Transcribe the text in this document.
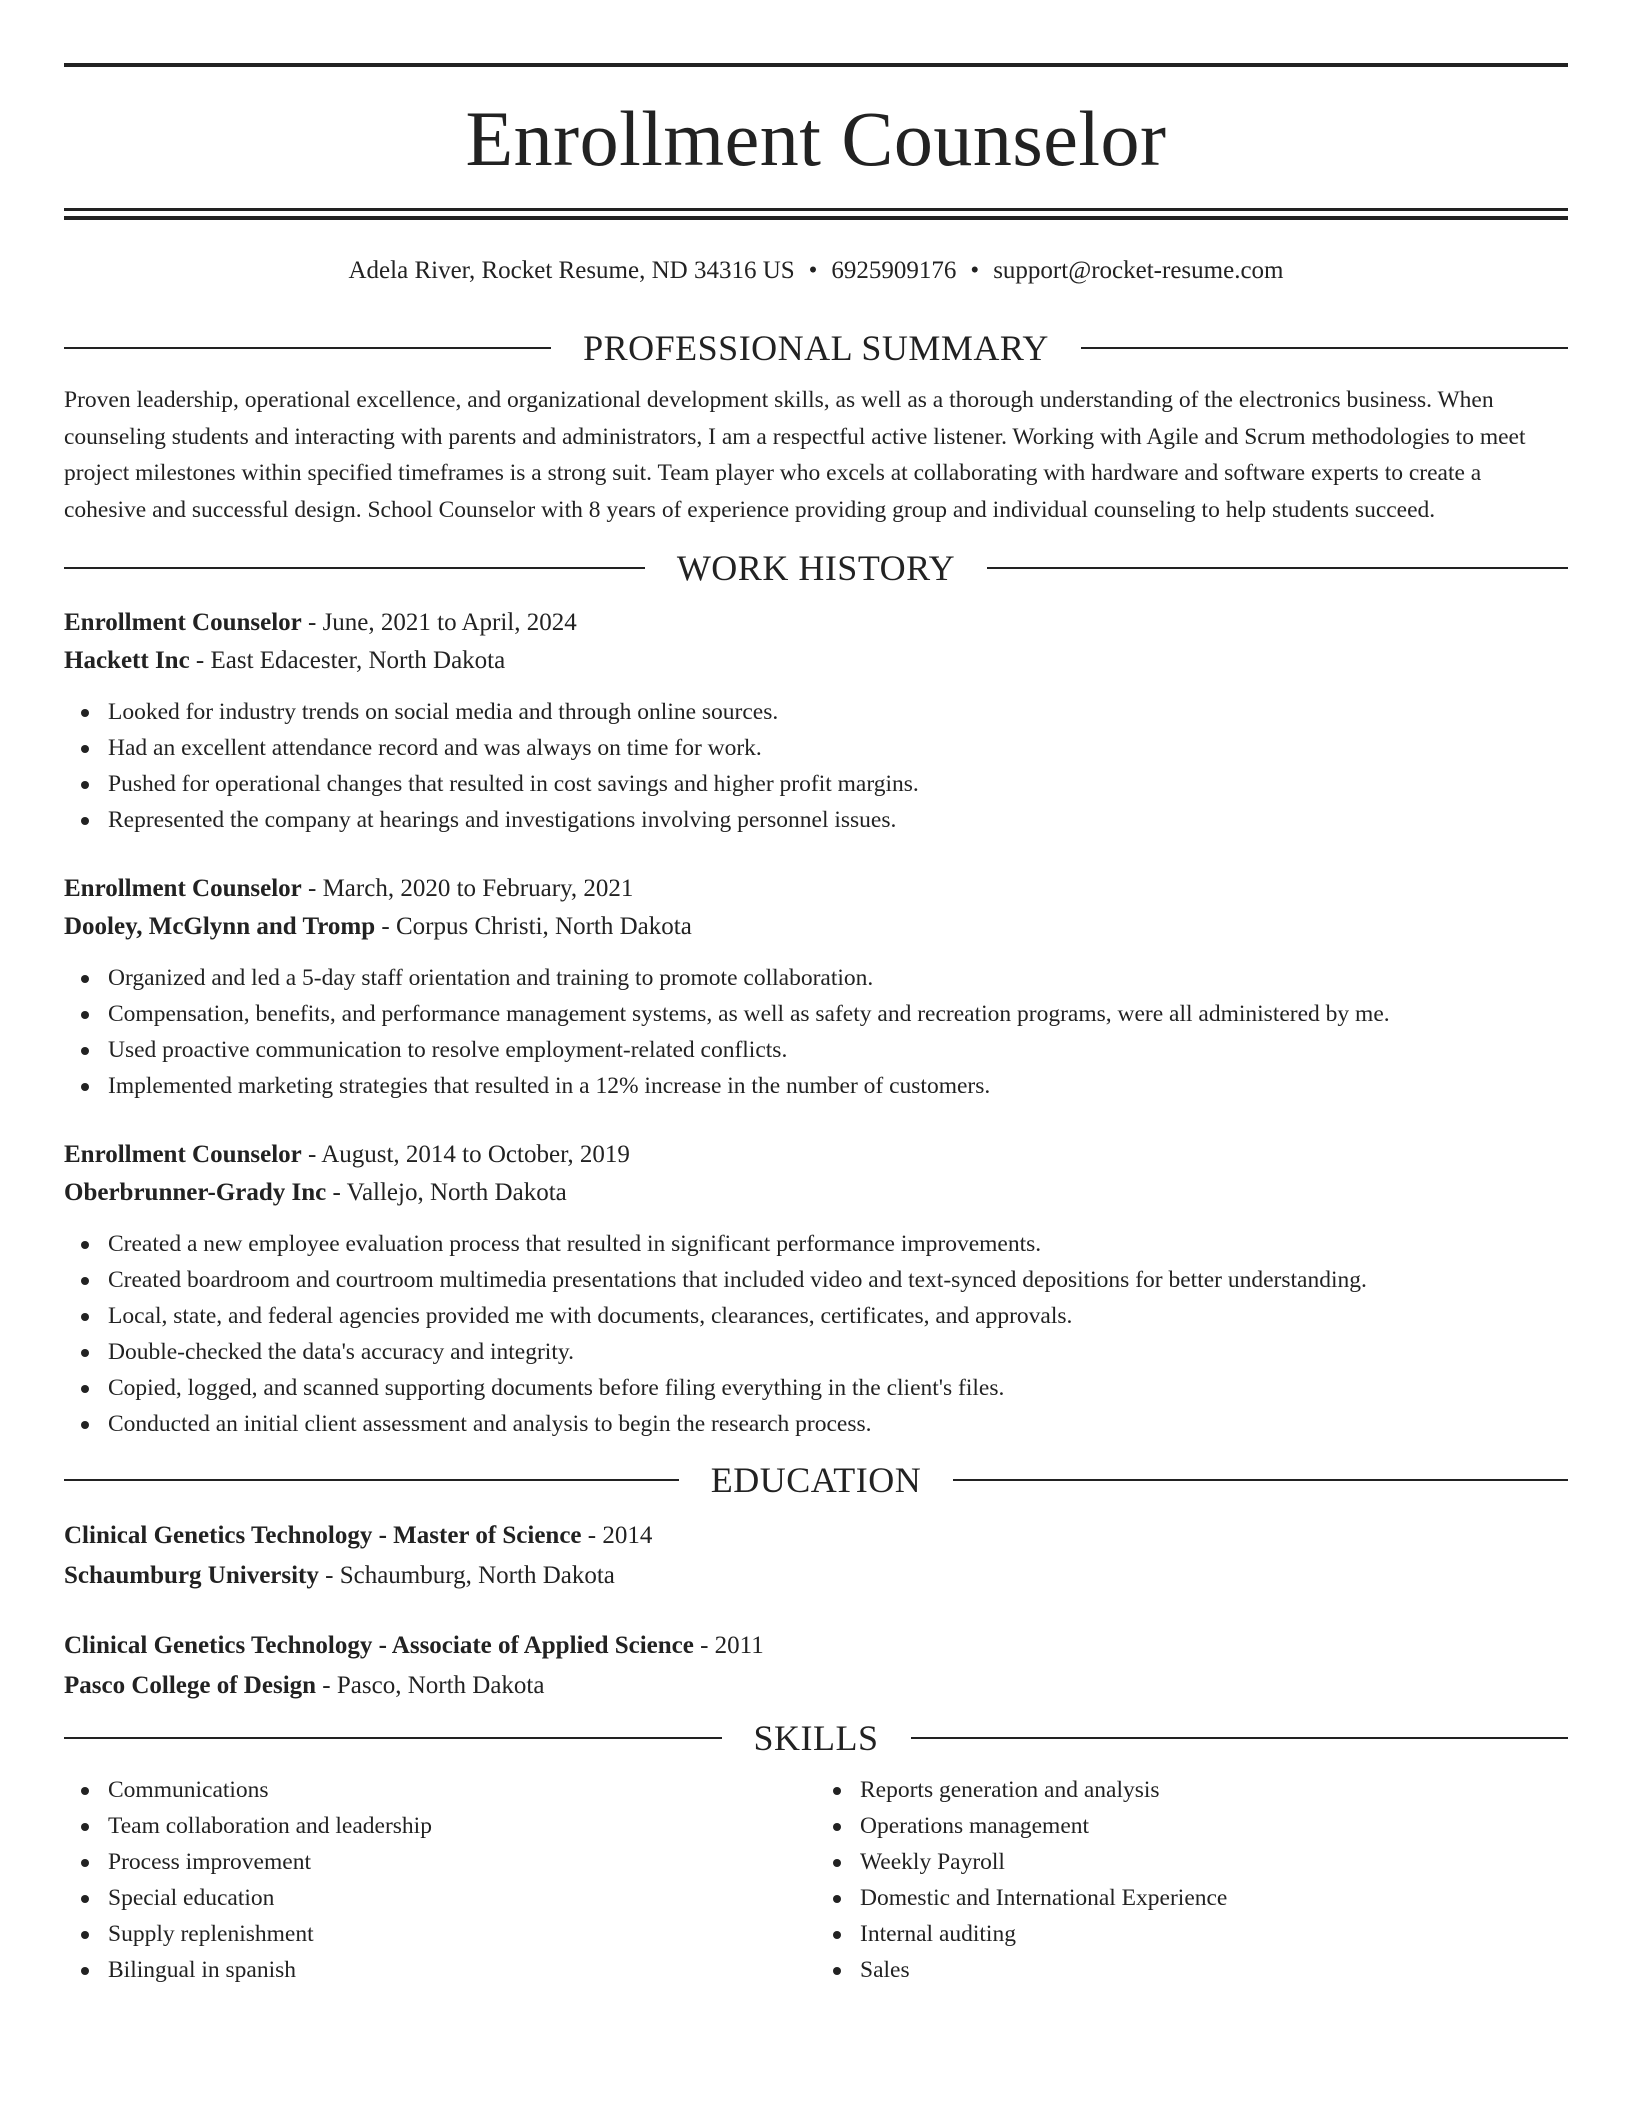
Enrollment Counselor
Adela River, Rocket Resume, ND 34316 US • 6925909176 • support@rocket-resume.com
PROFESSIONAL SUMMARY

Proven leadership, operational excellence, and organizational development skills, as well as a thorough understanding of the electronics business. When counseling students and interacting with parents and administrators, I am a respectful active listener. Working with Agile and Scrum methodologies to meet project milestones within specified timeframes is a strong suit. Team player who excels at collaborating with hardware and software experts to create a cohesive and successful design. School Counselor with 8 years of experience providing group and individual counseling to help students succeed.

WORK HISTORY
Enrollment Counselor - June, 2021 to April, 2024
Hackett Inc - East Edacester, North Dakota
Looked for industry trends on social media and through online sources.
Had an excellent attendance record and was always on time for work.
Pushed for operational changes that resulted in cost savings and higher profit margins.
Represented the company at hearings and investigations involving personnel issues.
Enrollment Counselor - March, 2020 to February, 2021
Dooley, McGlynn and Tromp - Corpus Christi, North Dakota
Organized and led a 5-day staff orientation and training to promote collaboration.
Compensation, benefits, and performance management systems, as well as safety and recreation programs, were all administered by me.
Used proactive communication to resolve employment-related conflicts.
Implemented marketing strategies that resulted in a 12% increase in the number of customers.
Enrollment Counselor - August, 2014 to October, 2019
Oberbrunner-Grady Inc - Vallejo, North Dakota
Created a new employee evaluation process that resulted in significant performance improvements.
Created boardroom and courtroom multimedia presentations that included video and text-synced depositions for better understanding.
Local, state, and federal agencies provided me with documents, clearances, certificates, and approvals.
Double-checked the data's accuracy and integrity.
Copied, logged, and scanned supporting documents before filing everything in the client's files.
Conducted an initial client assessment and analysis to begin the research process.
EDUCATION
Clinical Genetics Technology - Master of Science - 2014
Schaumburg University - Schaumburg, North Dakota
Clinical Genetics Technology - Associate of Applied Science - 2011
Pasco College of Design - Pasco, North Dakota
SKILLS
Communications
Team collaboration and leadership
Process improvement
Special education
Supply replenishment
Bilingual in spanish
Reports generation and analysis
Operations management
Weekly Payroll
Domestic and International Experience
Internal auditing
Sales
